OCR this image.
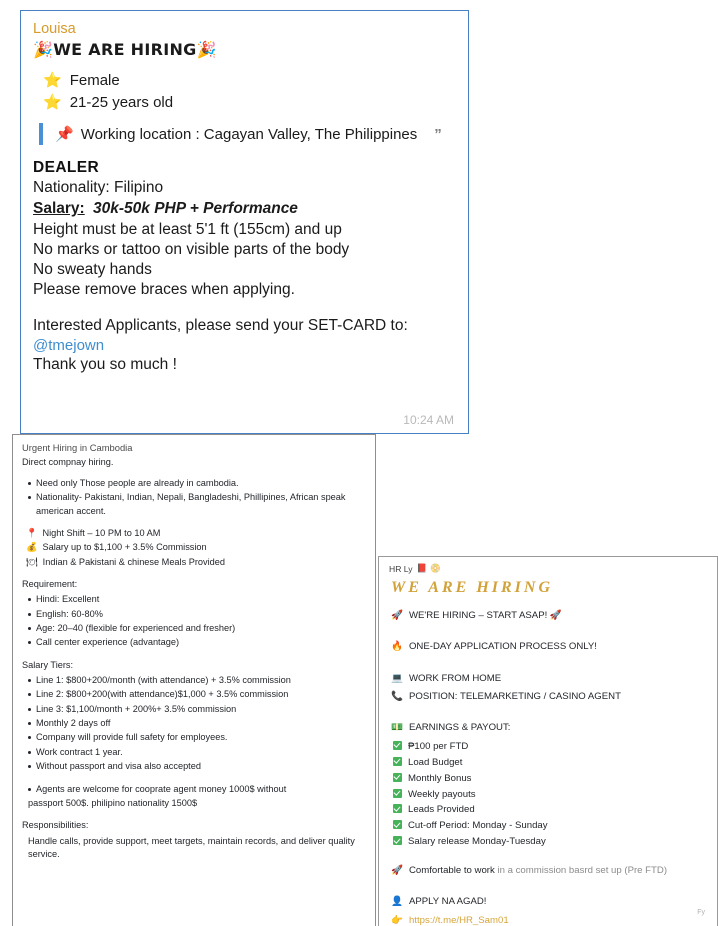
Louisa
🎉WE ARE HIRING🎉
⭐ Female
⭐ 21-25 years old
📌 Working location : Cagayan Valley, The Philippines ”
DEALER
Nationality: Filipino
Salary: 30k-50k PHP + Performance
Height must be at least 5'1 ft (155cm) and up
No marks or tattoo on visible parts of the body
No sweaty hands
Please remove braces when applying.
Interested Applicants, please send your SET-CARD to:
@tmejown
Thank you so much !
10:24 AM
Urgent Hiring in Cambodia
Direct compnay hiring.
Need only Those people are already in cambodia.
Nationality- Pakistani, Indian, Nepali, Bangladeshi, Phillipines, African speak american accent.
📍 Night Shift – 10 PM to 10 AM
💰 Salary up to $1,100 + 3.5% Commission
🍽 Indian & Pakistani & chinese Meals Provided
Requirement:
Hindi: Excellent
English: 60-80%
Age: 20–40 (flexible for experienced and fresher)
Call center experience (advantage)
Salary Tiers:
Line 1: $800+200/month (with attendance) + 3.5% commission
Line 2: $800+200(with attendance)$1,000 + 3.5% commission
Line 3: $1,100/month + 200%+ 3.5% commission
Monthly 2 days off
Company will provide full safety for employees.
Work contract 1 year.
Without passport and visa also accepted
Agents are welcome for cooprate agent money 1000$ without
passport 500$. philipino nationality 1500$
Responsibilities:
Handle calls, provide support, meet targets, maintain records, and deliver quality service.
HR Ly 📕 📀
WE ARE HIRING
🚀 WE'RE HIRING – START ASAP! 🚀
🔥 ONE-DAY APPLICATION PROCESS ONLY!
💻 WORK FROM HOME
📞 POSITION: TELEMARKETING / CASINO AGENT
💵 EARNINGS & PAYOUT:
₱100 per FTD
Load Budget
Monthly Bonus
Weekly payouts
Leads Provided
Cut-off Period: Monday - Sunday
Salary release Monday-Tuesday
🚀 Comfortable to work in a commission basrd set up (Pre FTD)
👤 APPLY NA AGAD!
👉 https://t.me/HR_Sam01
Fy
